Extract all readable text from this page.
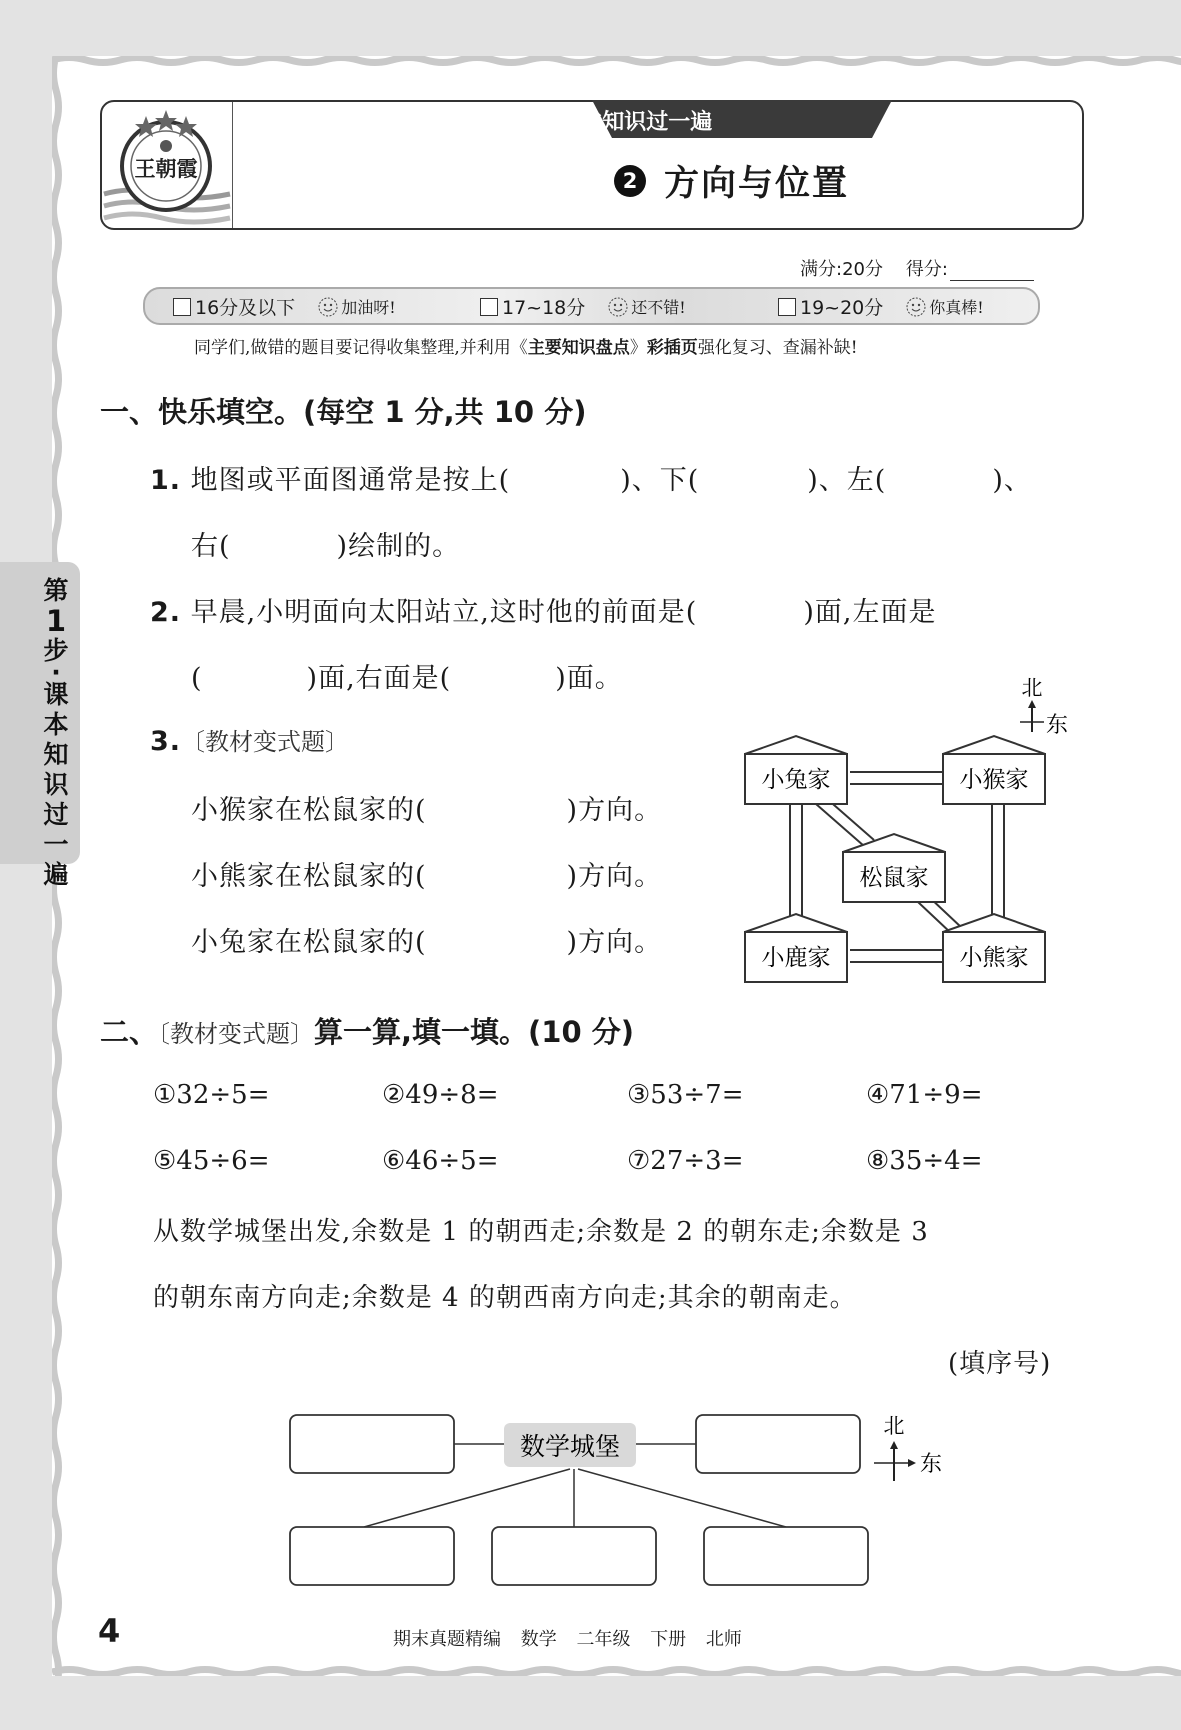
第
1
步
·
课
本
知
识
过
一
遍
王朝霞
第1步 · 课本知识过一遍
2 方向与位置
满分:20分 得分:
16分及以下	加油呀!	17~18分	还不错!	19~20分	你真棒!
同学们,做错的题目要记得收集整理,并利用《主要知识盘点》彩插页强化复习、查漏补缺!
一、快乐填空。(每空 1 分,共 10 分)
1. 地图或平面图通常是按上(	)、下(	)、左(	)、
右(	)绘制的。
2. 早晨,小明面向太阳站立,这时他的前面是(	)面,左面是
(	)面,右面是(	)面。
3.〔教材变式题〕
小猴家在松鼠家的(	)方向。
小熊家在松鼠家的(	)方向。
小兔家在松鼠家的(	)方向。
北
东
小兔家	小猴家
松鼠家
小鹿家	小熊家
二、〔教材变式题〕算一算,填一填。(10 分)
①32÷5=	②49÷8=	③53÷7=	④71÷9=
⑤45÷6=	⑥46÷5=	⑦27÷3=	⑧35÷4=
从数学城堡出发,余数是 1 的朝西走;余数是 2 的朝东走;余数是 3
的朝东南方向走;余数是 4 的朝西南方向走;其余的朝南走。
(填序号)
数学城堡
北
东
4	期末真题精编 数学 二年级 下册 北师
